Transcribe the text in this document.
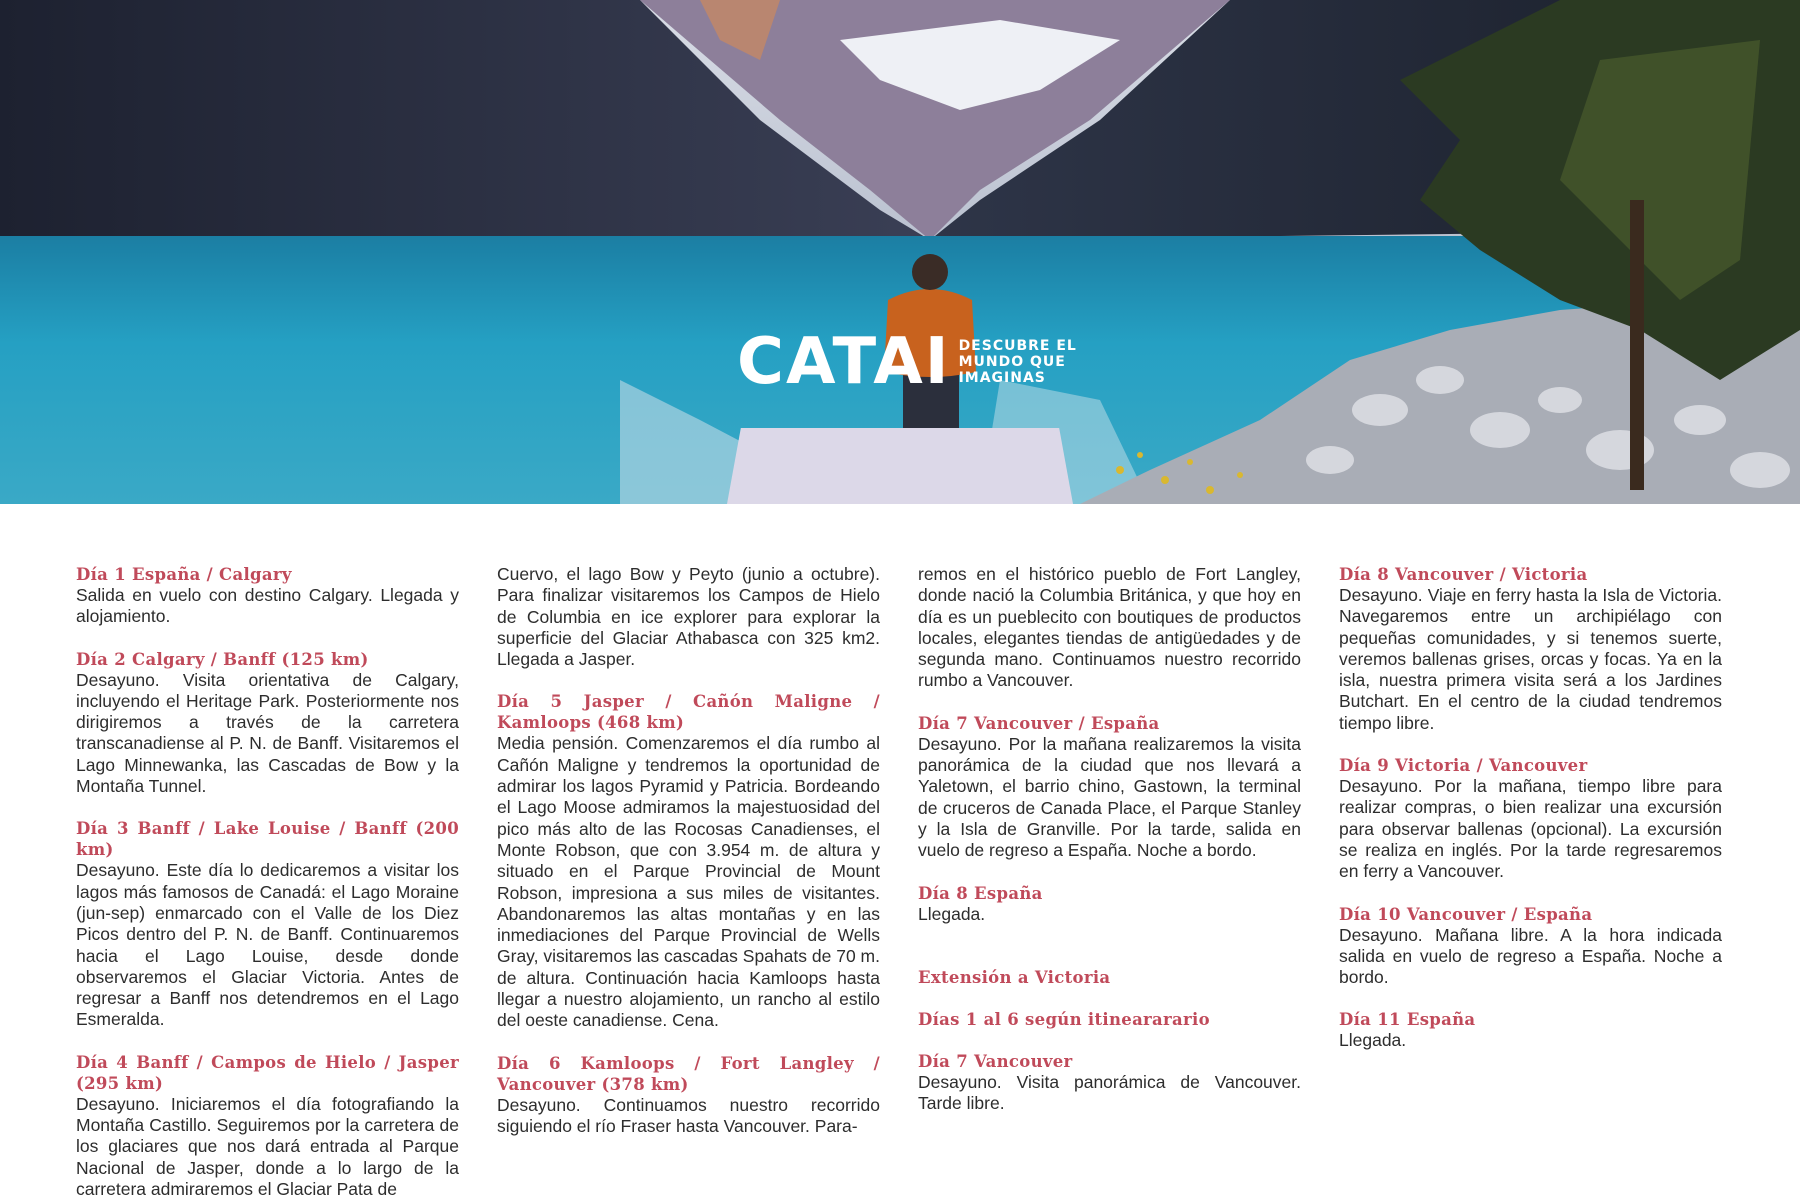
CATAI DESCUBRE EL
MUNDO QUE
IMAGINAS
Día 1 España / Calgary
Salida en vuelo con destino Calgary. Llegada y alojamiento.
Día 2 Calgary / Banff (125 km)
Desayuno. Visita orientativa de Calgary, incluyendo el Heritage Park. Posteriormente nos dirigiremos a través de la carretera transcanadiense al P. N. de Banff. Visitaremos el Lago Minnewanka, las Cascadas de Bow y la Montaña Tunnel.
Día 3 Banff / Lake Louise / Banff (200 km)
Desayuno. Este día lo dedicaremos a visitar los lagos más famosos de Canadá: el Lago Moraine (jun-sep) enmarcado con el Valle de los Diez Picos dentro del P. N. de Banff. Continuaremos hacia el Lago Louise, desde donde observaremos el Glaciar Victoria. Antes de regresar a Banff nos detendremos en el Lago Esmeralda.
Día 4 Banff / Campos de Hielo / Jasper (295 km)
Desayuno. Iniciaremos el día fotografiando la Montaña Castillo. Seguiremos por la carretera de los glaciares que nos dará entrada al Parque Nacional de Jasper, donde a lo largo de la carretera admiraremos el Glaciar Pata de
Cuervo, el lago Bow y Peyto (junio a octubre). Para finalizar visitaremos los Campos de Hielo de Columbia en ice explorer para explorar la superficie del Glaciar Athabasca con 325 km2. Llegada a Jasper.
Día 5 Jasper / Cañón Maligne / Kamloops (468 km)
Media pensión. Comenzaremos el día rumbo al Cañón Maligne y tendremos la oportunidad de admirar los lagos Pyramid y Patricia. Bordeando el Lago Moose admiramos la majestuosidad del pico más alto de las Rocosas Canadienses, el Monte Robson, que con 3.954 m. de altura y situado en el Parque Provincial de Mount Robson, impresiona a sus miles de visitantes. Abandonaremos las altas montañas y en las inmediaciones del Parque Provincial de Wells Gray, visitaremos las cascadas Spahats de 70 m. de altura. Continuación hacia Kamloops hasta llegar a nuestro alojamiento, un rancho al estilo del oeste canadiense. Cena.
Día 6 Kamloops / Fort Langley / Vancouver (378 km)
Desayuno. Continuamos nuestro recorrido siguiendo el río Fraser hasta Vancouver. Para-
remos en el histórico pueblo de Fort Langley, donde nació la Columbia Británica, y que hoy en día es un pueblecito con boutiques de productos locales, elegantes tiendas de antigüedades y de segunda mano. Continuamos nuestro recorrido rumbo a Vancouver.
Día 7 Vancouver / España
Desayuno. Por la mañana realizaremos la visita panorámica de la ciudad que nos llevará a Yaletown, el barrio chino, Gastown, la terminal de cruceros de Canada Place, el Parque Stanley y la Isla de Granville. Por la tarde, salida en vuelo de regreso a España. Noche a bordo.
Día 8 España
Llegada.
Extensión a Victoria
Días 1 al 6 según itineararario
Día 7 Vancouver
Desayuno. Visita panorámica de Vancouver. Tarde libre.
Día 8 Vancouver / Victoria
Desayuno. Viaje en ferry hasta la Isla de Victoria. Navegaremos entre un archipiélago con pequeñas comunidades, y si tenemos suerte, veremos ballenas grises, orcas y focas. Ya en la isla, nuestra primera visita será a los Jardines Butchart. En el centro de la ciudad tendremos tiempo libre.
Día 9 Victoria / Vancouver
Desayuno. Por la mañana, tiempo libre para realizar compras, o bien realizar una excursión para observar ballenas (opcional). La excursión se realiza en inglés. Por la tarde regresaremos en ferry a Vancouver.
Día 10 Vancouver / España
Desayuno. Mañana libre. A la hora indicada salida en vuelo de regreso a España. Noche a bordo.
Día 11 España
Llegada.
